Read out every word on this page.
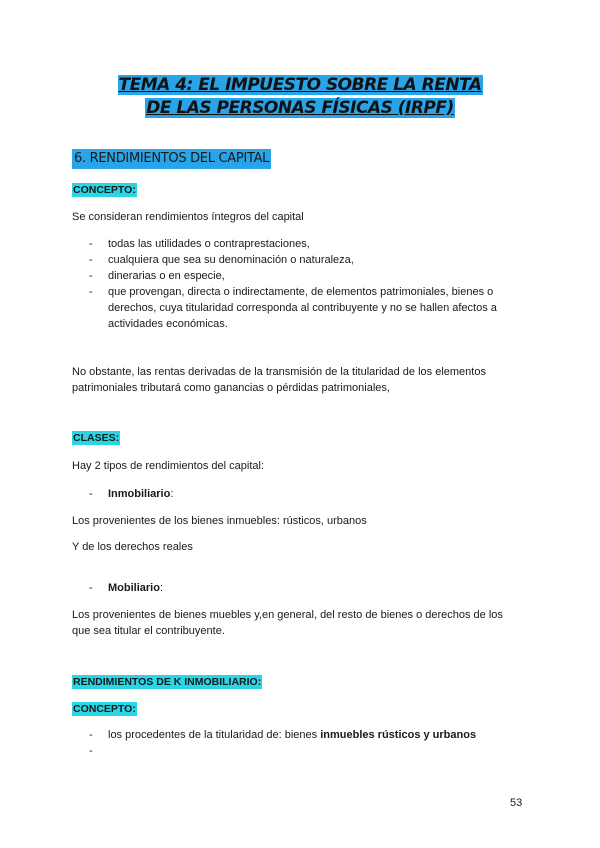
TEMA 4: EL IMPUESTO SOBRE LA RENTA
DE LAS PERSONAS FÍSICAS (IRPF)
6. RENDIMIENTOS DEL CAPITAL
CONCEPTO:
Se consideran rendimientos íntegros del capital
- todas las utilidades o contraprestaciones,
- cualquiera que sea su denominación o naturaleza,
- dinerarias o en especie,
- que provengan, directa o indirectamente, de elementos patrimoniales, bienes o
derechos, cuya titularidad corresponda al contribuyente y no se hallen afectos a
actividades económicas.
No obstante, las rentas derivadas de la transmisión de la titularidad de los elementos
patrimoniales tributará como ganancias o pérdidas patrimoniales,
CLASES:
Hay 2 tipos de rendimientos del capital:
- Inmobiliario:
Los provenientes de los bienes inmuebles: rústicos, urbanos
Y de los derechos reales
- Mobiliario:
Los provenientes de bienes muebles y,en general, del resto de bienes o derechos de los
que sea titular el contribuyente.
RENDIMIENTOS DE K INMOBILIARIO:
CONCEPTO:
- los procedentes de la titularidad de: bienes inmuebles rústicos y urbanos
-
53
